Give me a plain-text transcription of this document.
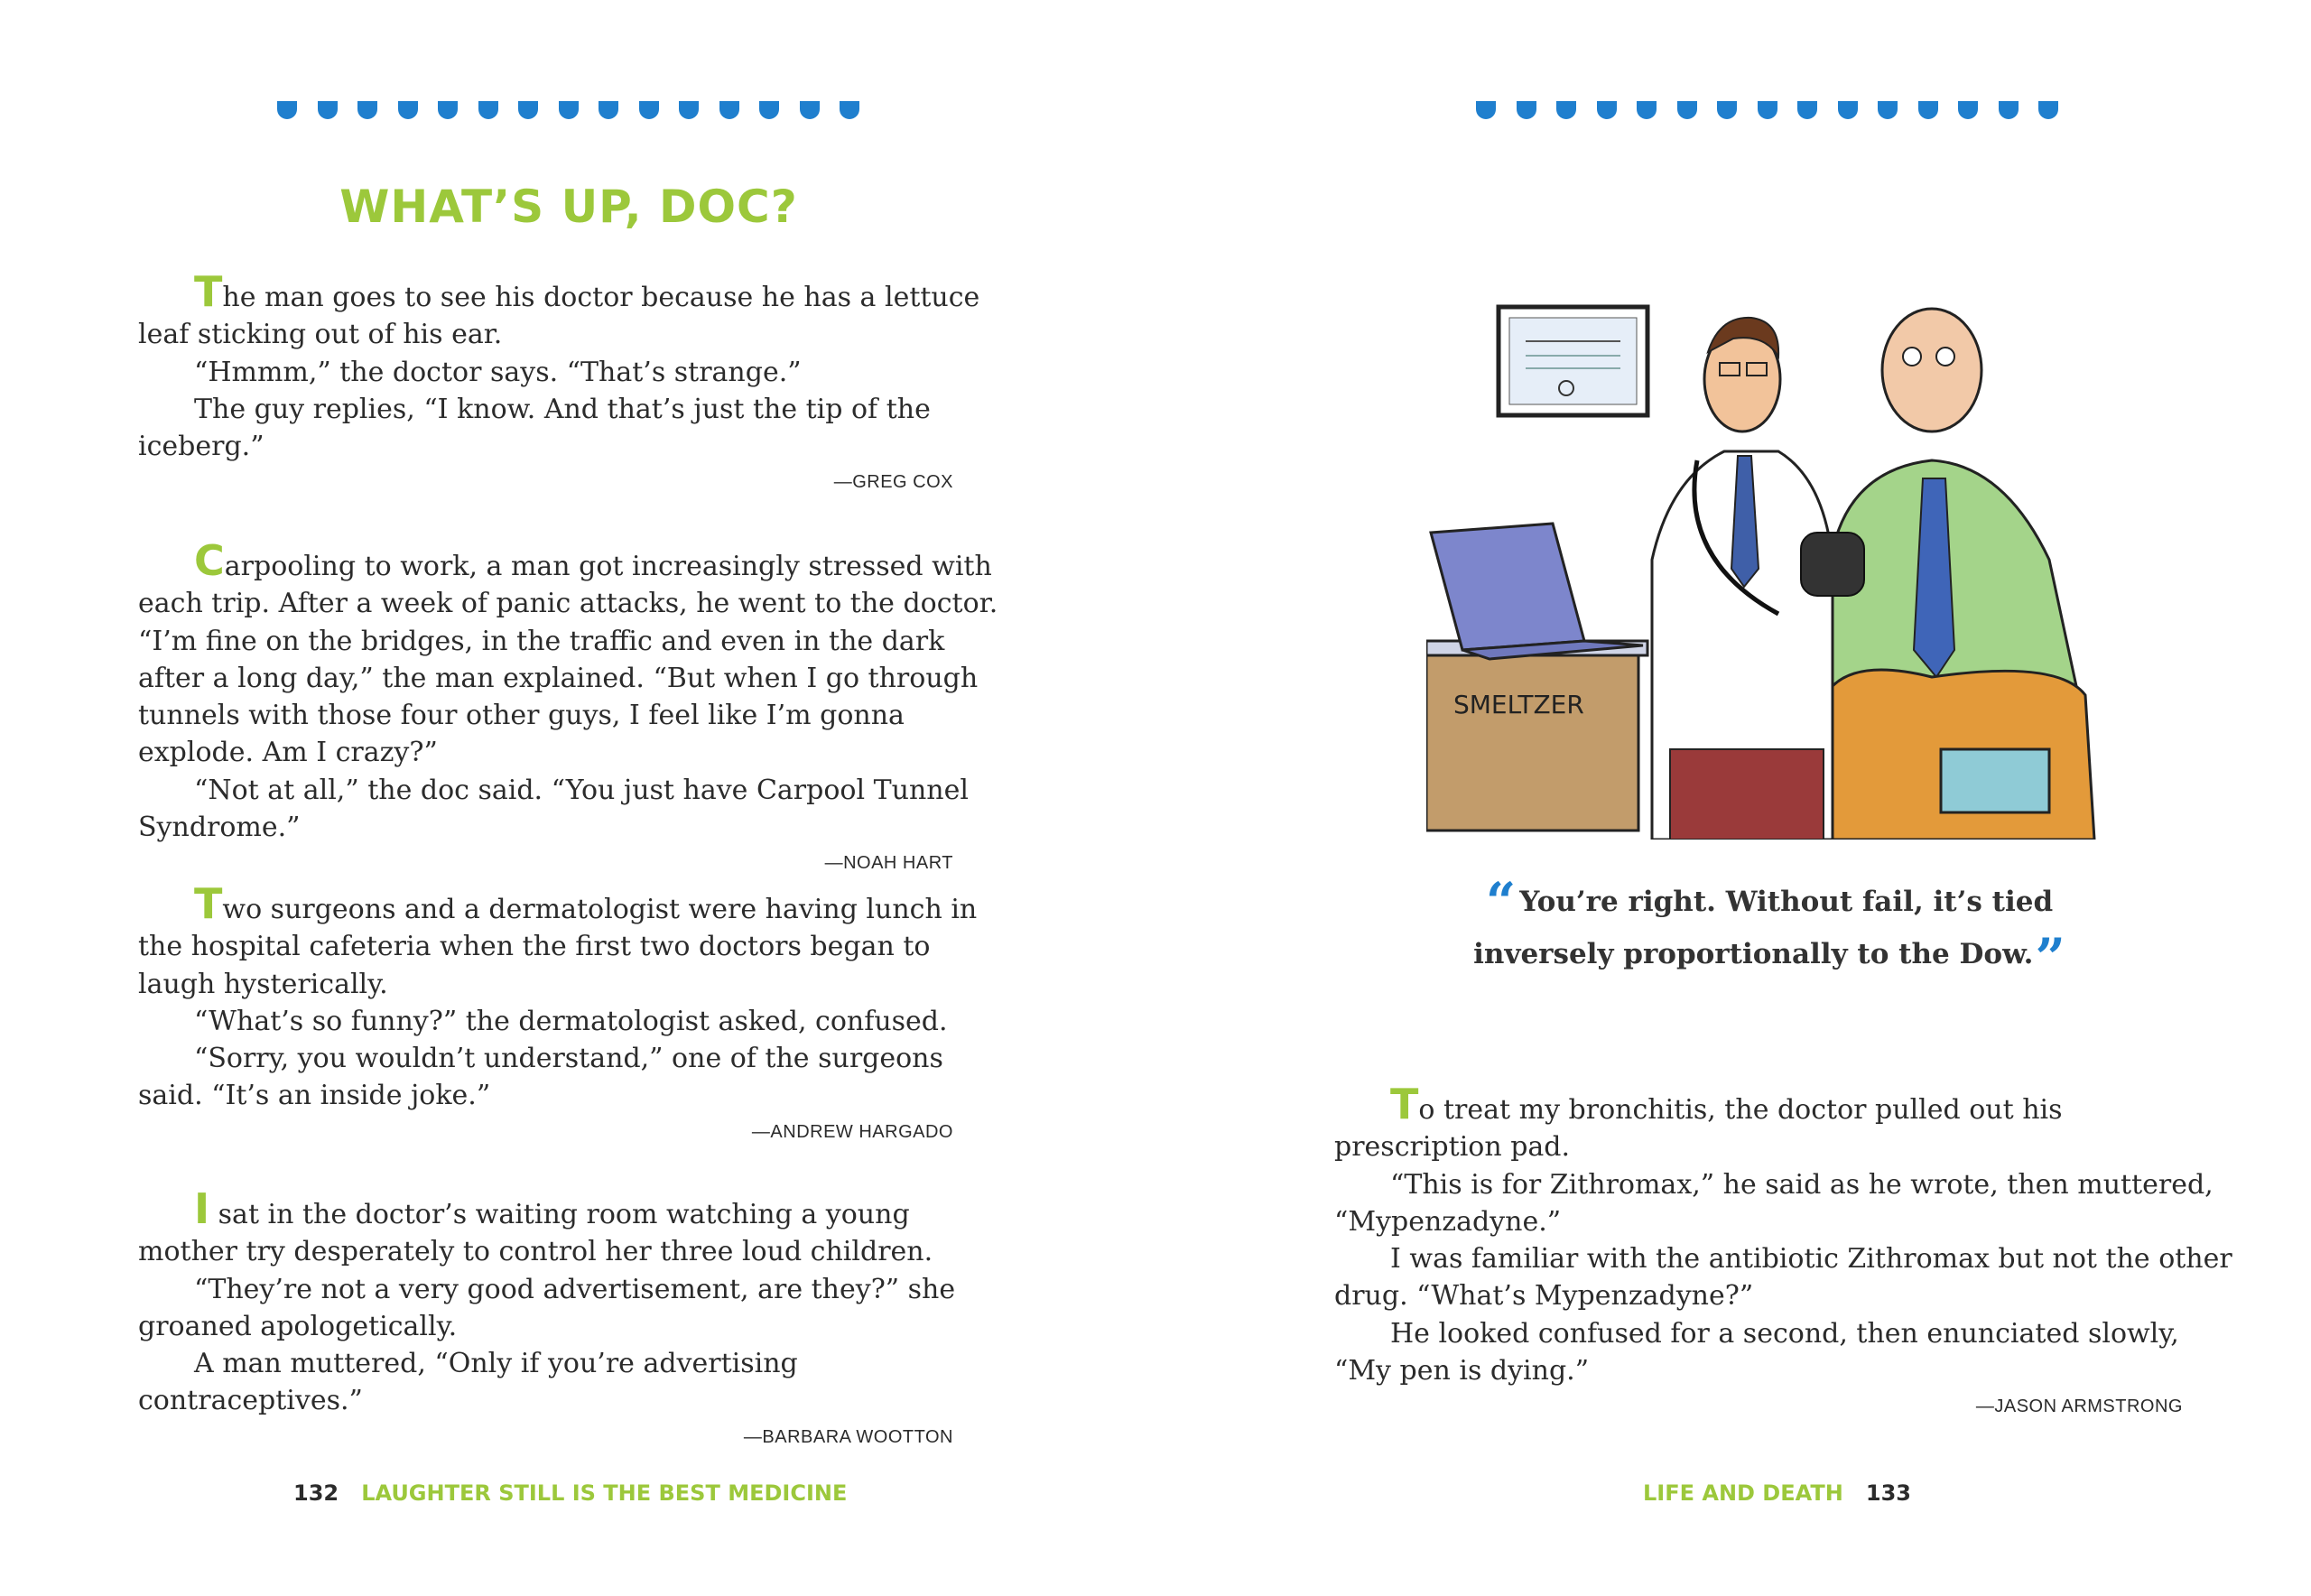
WHAT’S UP, DOC?

The man goes to see his doctor because he has a lettuce leaf sticking out of his ear.

“Hmmm,” the doctor says. “That’s strange.”

The guy replies, “I know. And that’s just the tip of the iceberg.”

—GREG COX

Carpooling to work, a man got increasingly stressed with each trip. After a week of panic attacks, he went to the doctor. “I’m fine on the bridges, in the traffic and even in the dark after a long day,” the man explained. “But when I go through tunnels with those four other guys, I feel like I’m gonna explode. Am I crazy?”

“Not at all,” the doc said. “You just have Carpool Tunnel Syndrome.”

—NOAH HART

Two surgeons and a dermatologist were having lunch in the hospital cafeteria when the first two doctors began to laugh hysterically.

“What’s so funny?” the dermatologist asked, confused.

“Sorry, you wouldn’t understand,” one of the surgeons said. “It’s an inside joke.”

—ANDREW HARGADO

I sat in the doctor’s waiting room watching a young mother try desperately to control her three loud children.

“They’re not a very good advertisement, are they?” she groaned apologetically.

A man muttered, “Only if you’re advertising contraceptives.”

—BARBARA WOOTTON
132 LAUGHTER STILL IS THE BEST MEDICINE
SMELTZER
“ You’re right. Without fail, it’s tied inversely proportionally to the Dow.”

To treat my bronchitis, the doctor pulled out his prescription pad.

“This is for Zithromax,” he said as he wrote, then muttered, “Mypenzadyne.”

I was familiar with the antibiotic Zithromax but not the other drug. “What’s Mypenzadyne?”

He looked confused for a second, then enunciated slowly, “My pen is dying.”

—JASON ARMSTRONG
LIFE AND DEATH 133
